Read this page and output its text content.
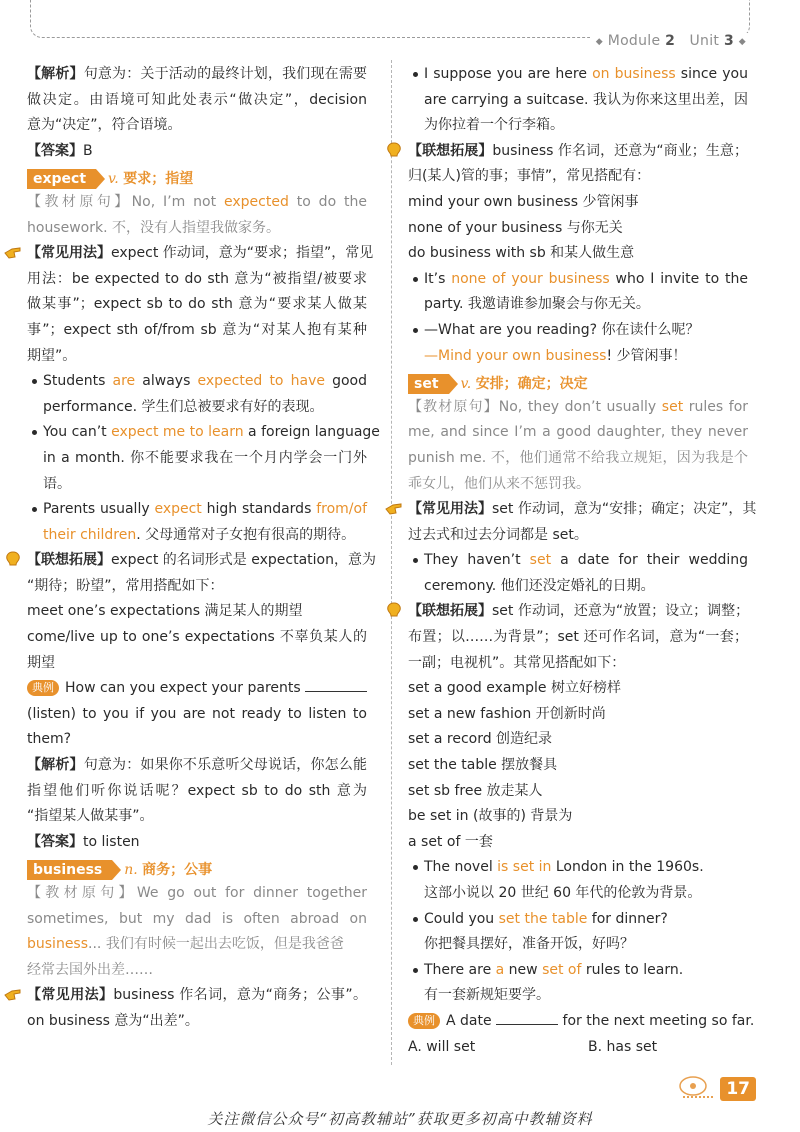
◆ Module 2 Unit 3 ◆
【解析】句意为：关于活动的最终计划，我们现在需要
做决定。由语境可知此处表示“做决定”，decision
意为“决定”，符合语境。
【答案】B
expect v. 要求；指望
【教材原句】No, I’m not expected to do the
housework. 不，没有人指望我做家务。
【常见用法】expect 作动词，意为“要求；指望”，常见
用法：be expected to do sth 意为“被指望/被要求
做某事”；expect sb to do sth 意为“要求某人做某
事”；expect sth of/from sb 意为“对某人抱有某种
期望”。
Students are always expected to have good
performance. 学生们总被要求有好的表现。
You can’t expect me to learn a foreign language
in a month. 你不能要求我在一个月内学会一门外
语。
Parents usually expect high standards from/of
their children. 父母通常对子女抱有很高的期待。
【联想拓展】expect 的名词形式是 expectation，意为
“期待；盼望”，常用搭配如下：
meet one’s expectations 满足某人的期望
come/live up to one’s expectations 不辜负某人的
期望
典例 How can you expect your parents
(listen) to you if you are not ready to listen to
them?
【解析】句意为：如果你不乐意听父母说话，你怎么能
指望他们听你说话呢？expect sb to do sth 意为
“指望某人做某事”。
【答案】to listen
business n. 商务；公事
【教材原句】We go out for dinner together
sometimes, but my dad is often abroad on
business... 我们有时候一起出去吃饭，但是我爸爸
经常去国外出差……
【常见用法】business 作名词，意为“商务；公事”。
on business 意为“出差”。
I suppose you are here on business since you
are carrying a suitcase. 我认为你来这里出差，因
为你拉着一个行李箱。
【联想拓展】business 作名词，还意为“商业；生意；
归(某人)管的事；事情”，常见搭配有：
mind your own business 少管闲事
none of your business 与你无关
do business with sb 和某人做生意
It’s none of your business who I invite to the
party. 我邀请谁参加聚会与你无关。
—What are you reading? 你在读什么呢？
—Mind your own business! 少管闲事！
set v. 安排；确定；决定
【教材原句】No, they don’t usually set rules for
me, and since I’m a good daughter, they never
punish me. 不，他们通常不给我立规矩，因为我是个
乖女儿，他们从来不惩罚我。
【常见用法】set 作动词，意为“安排；确定；决定”，其
过去式和过去分词都是 set。
They haven’t set a date for their wedding
ceremony. 他们还没定婚礼的日期。
【联想拓展】set 作动词，还意为“放置；设立；调整；
布置；以……为背景”；set 还可作名词，意为“一套；
一副；电视机”。其常见搭配如下：
set a good example 树立好榜样
set a new fashion 开创新时尚
set a record 创造纪录
set the table 摆放餐具
set sb free 放走某人
be set in (故事的) 背景为
a set of 一套
The novel is set in London in the 1960s.
这部小说以 20 世纪 60 年代的伦敦为背景。
Could you set the table for dinner?
你把餐具摆好，准备开饭，好吗？
There are a new set of rules to learn.
有一套新规矩要学。
典例 A date	for the next meeting so far.
A. will set	B. has set
17
关注微信公众号“初高教辅站”获取更多初高中教辅资料
